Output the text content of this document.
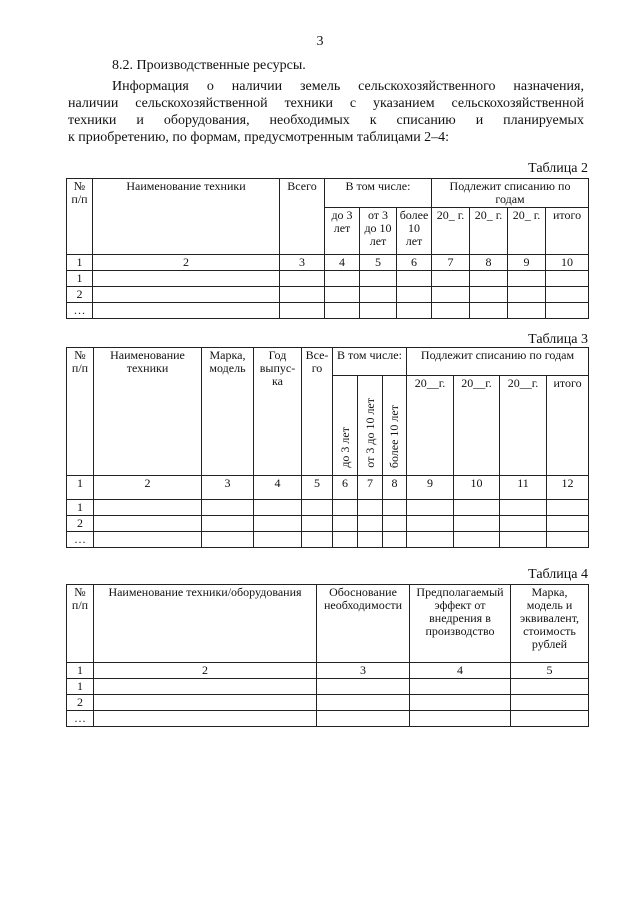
3
8.2. Производственные ресурсы.
Информация о наличии земель сельскохозяйственного назначения,
наличии сельскохозяйственной техники с указанием сельскохозяйственной
техники и оборудования, необходимых к списанию и планируемых
к приобретению, по формам, предусмотренным таблицами 2–4:
Таблица 2
№ п/п	Наименование техники	Всего	В том числе:			Подлежит списанию по годам			
			до 3 лет	от 3 до 10 лет	более 10 лет	20_ г.	20_ г.	20_ г.	итого
1	2	3	4	5	6	7	8	9	10
1									
2									
…									
Таблица 3
№ п/п	Наименование техники	Марка, модель	Год выпус-ка	Все-го	В том числе:			Подлежит списанию по годам			
					до 3 лет	от 3 до 10 лет	более 10 лет	20__г.	20__г.	20__г.	итого
1	2	3	4	5	6	7	8	9	10	11	12
1											
2											
…											
Таблица 4
№ п/п	Наименование техники/оборудования	Обоснование необходимости	Предполагаемый эффект от внедрения в производство	Марка, модель и эквивалент, стоимость рублей
1	2	3	4	5
1				
2				
…				
